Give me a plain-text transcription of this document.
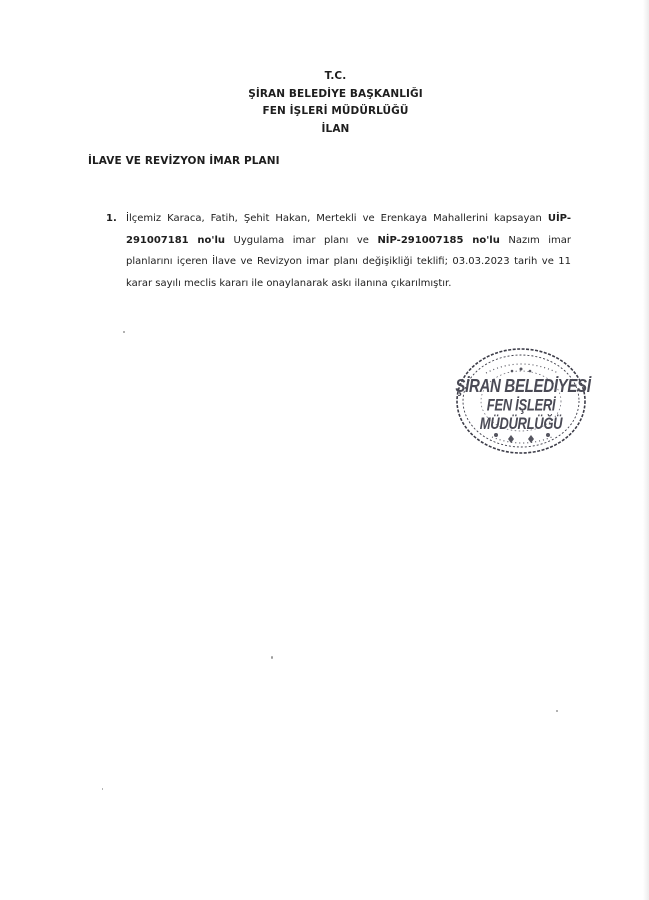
T.C.
ŞİRAN BELEDİYE BAŞKANLIĞI
FEN İŞLERİ MÜDÜRLÜĞÜ
İLAN
İLAVE VE REVİZYON İMAR PLANI
1. İlçemiz Karaca, Fatih, Şehit Hakan, Mertekli ve Erenkaya Mahallerini kapsayan UİP-291007181 no'lu Uygulama imar planı ve NİP-291007185 no'lu Nazım imar planlarını içeren İlave ve Revizyon imar planı değişikliği teklifi; 03.03.2023 tarih ve 11 karar sayılı meclis kararı ile onaylanarak askı ilanına çıkarılmıştır.
ŞİRAN BELEDİYESİ
FEN İŞLERİ MÜDÜRLÜĞÜ
